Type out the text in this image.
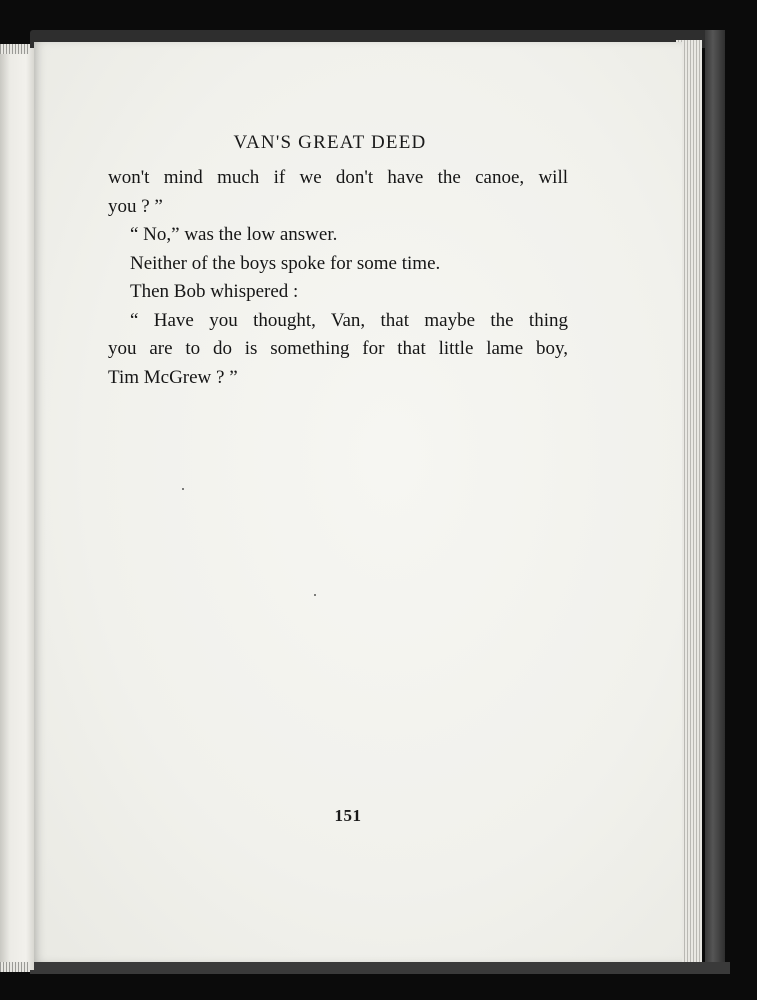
VAN'S GREAT DEED
won't mind much if we don't have the canoe, will
you ? ”
“ No,” was the low answer.
Neither of the boys spoke for some time.
Then Bob whispered :
“ Have you thought, Van, that maybe the thing
you are to do is something for that little lame boy,
Tim McGrew ? ”
151
